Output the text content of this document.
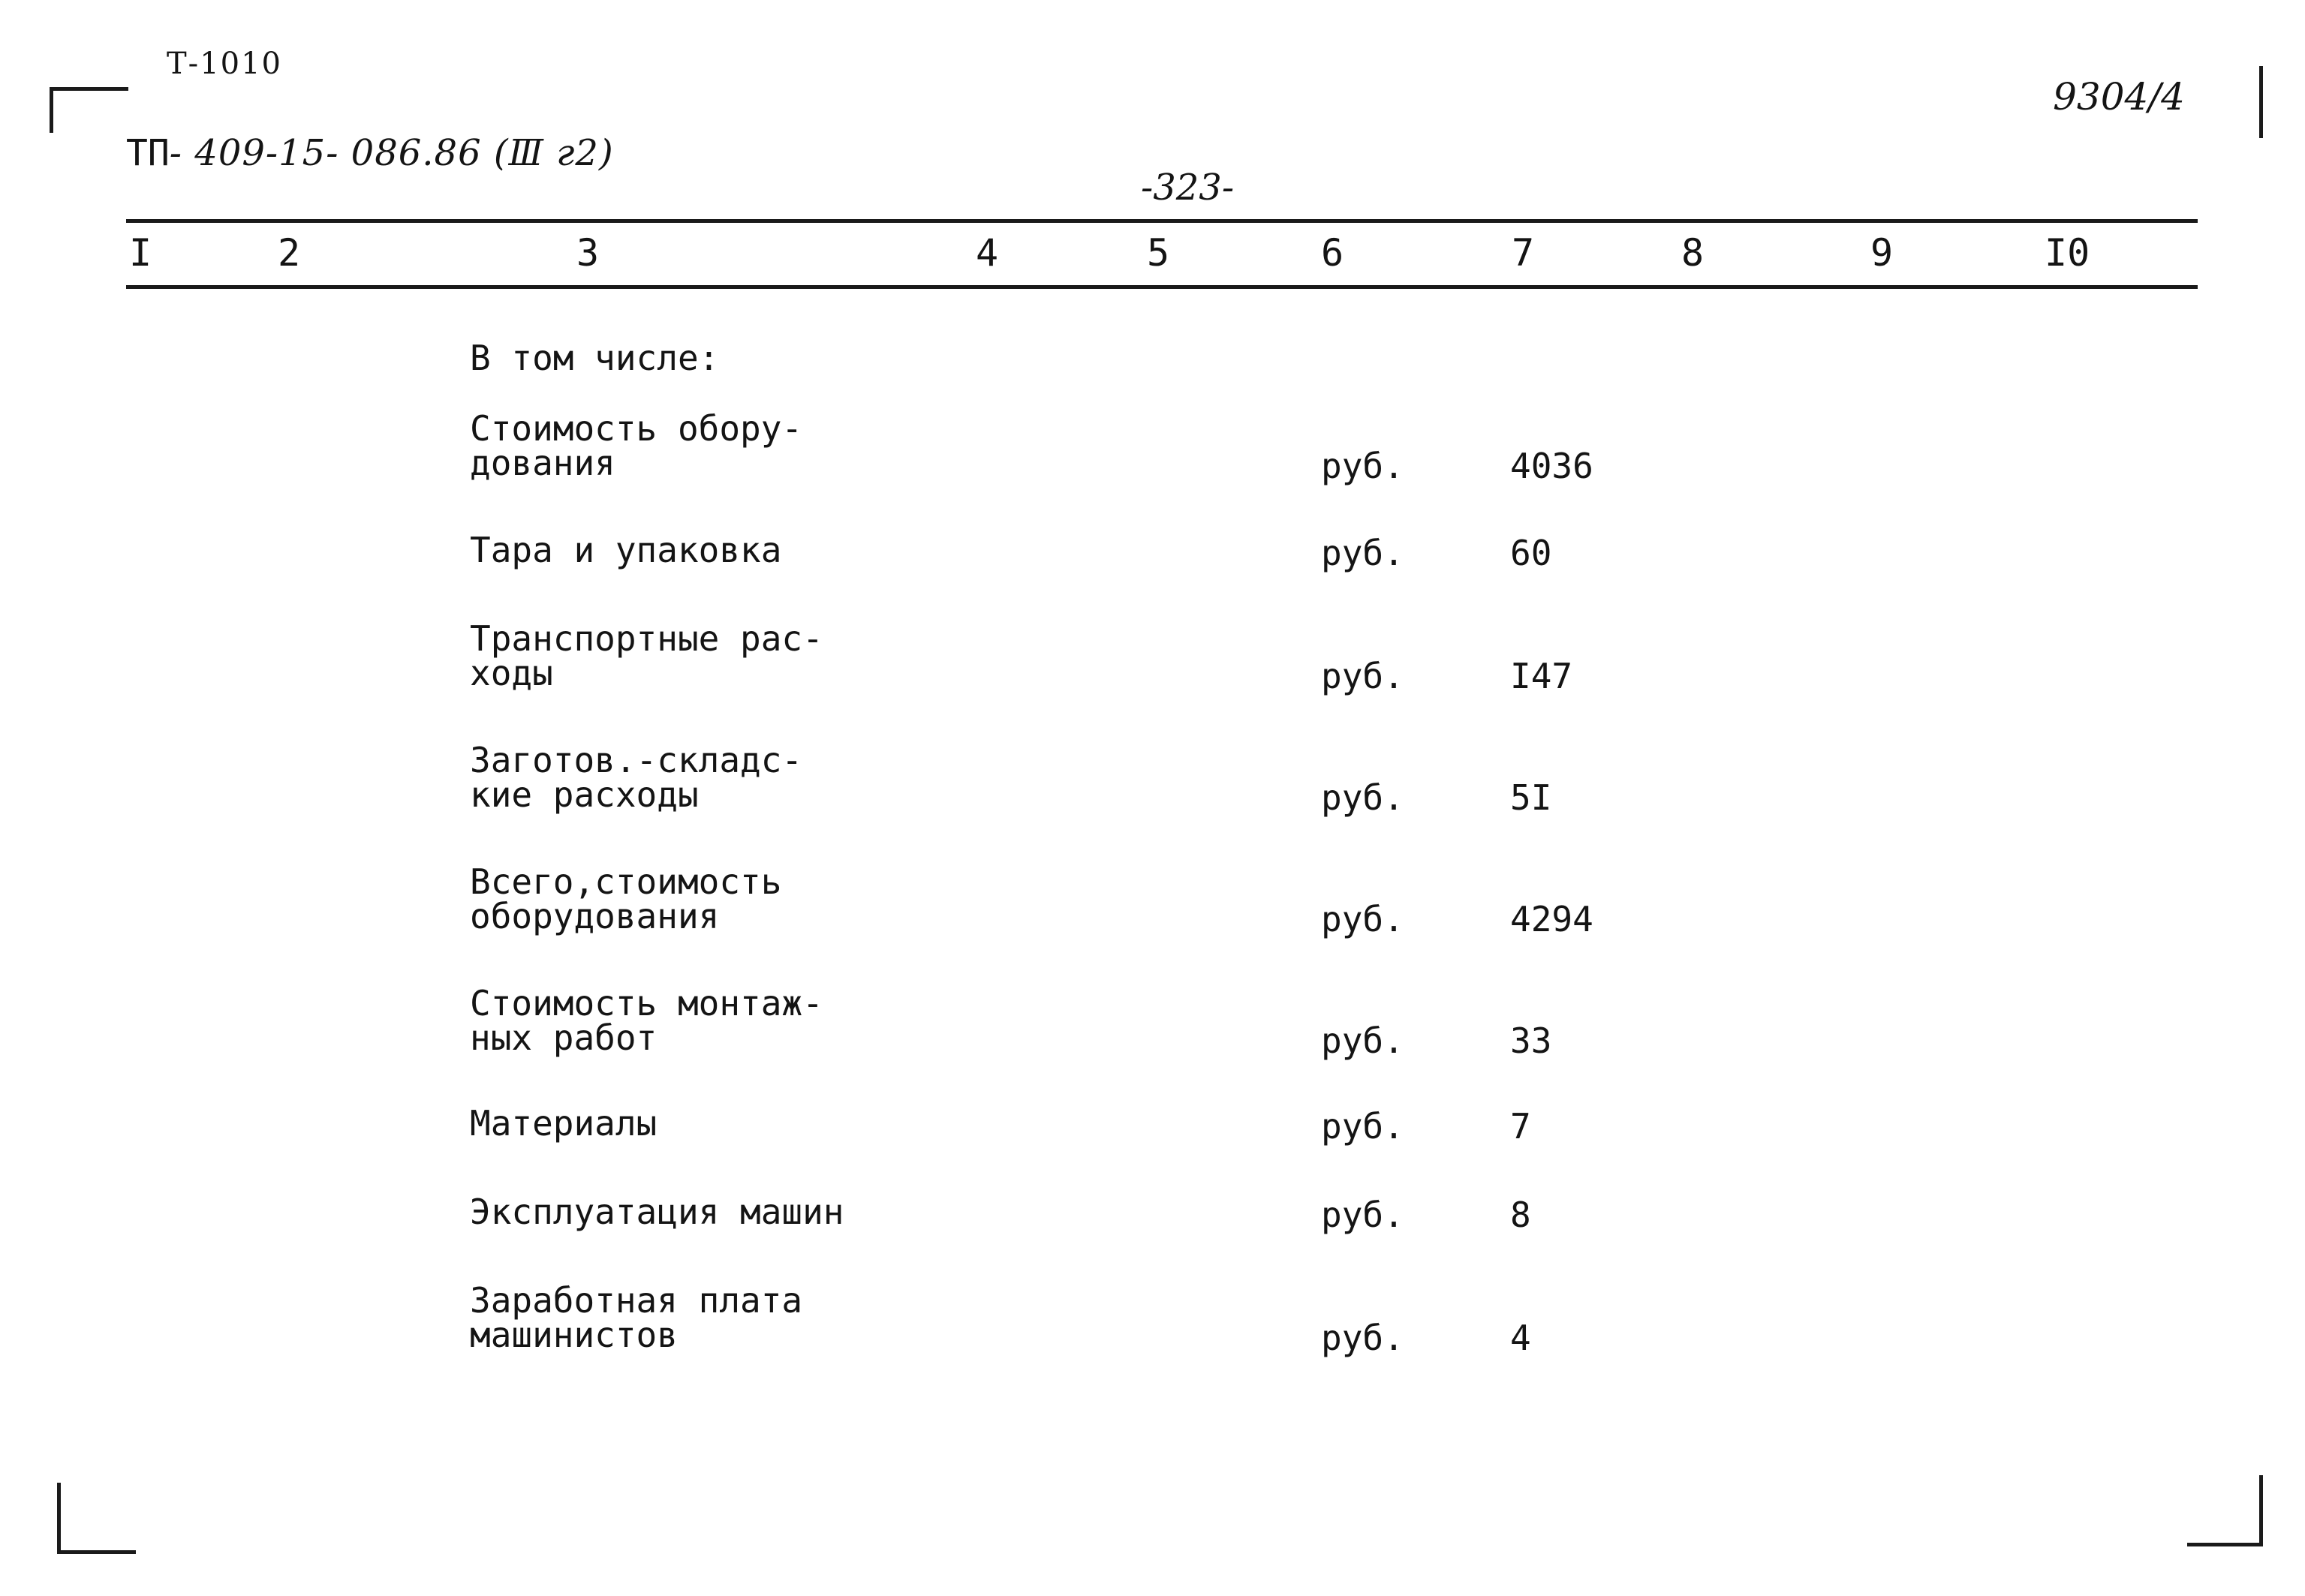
Т-1010
ТП- 409-15- 086.86 (Ⅲ г2)
9304/4
-323-
I	2	3	4	5	6	7	8	9	I0
В том числе:
Стоимость обору-
дования	руб.	4036
Тара и упаковка	руб.	60
Транспортные рас-
ходы	руб.	I47
Заготов.-складс-
кие расходы	руб.	5I
Всего,стоимость
оборудования	руб.	4294
Стоимость монтаж-
ных работ	руб.	33
Материалы	руб.	7
Эксплуатация машин	руб.	8
Заработная плата
машинистов	руб.	4
